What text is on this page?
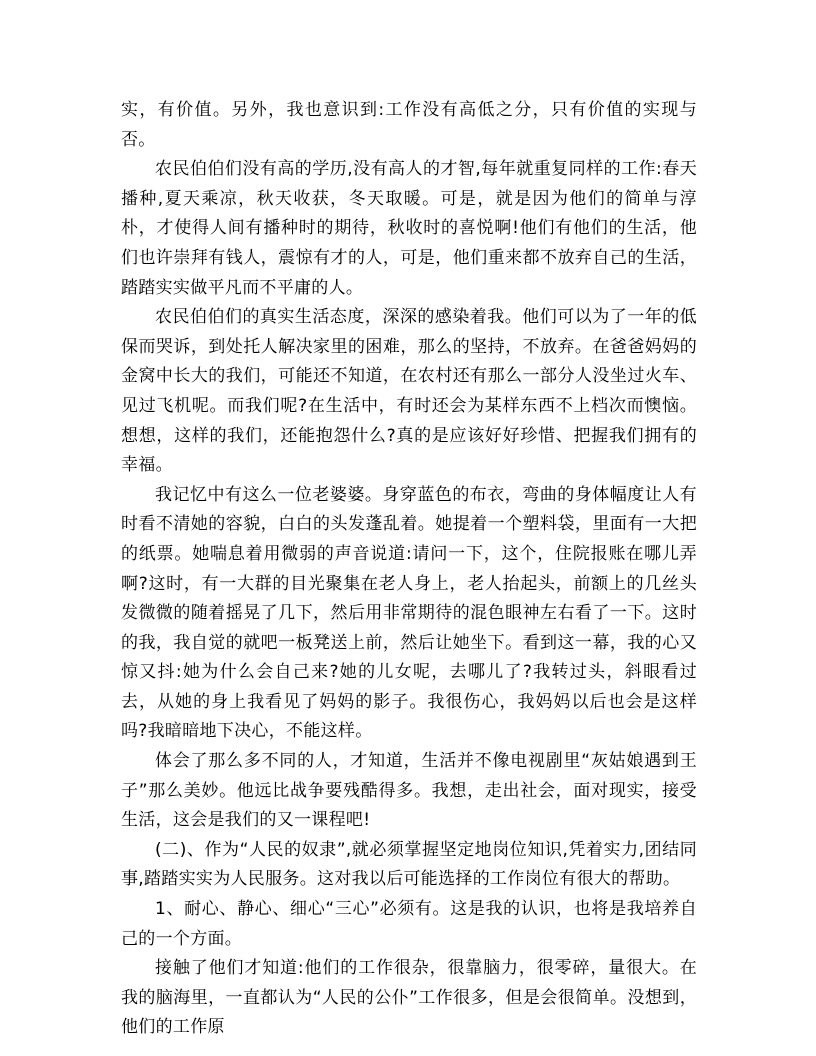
实，有价值。另外，我也意识到:工作没有高低之分，只有价值的实现与否。

农民伯伯们没有高的学历,没有高人的才智,每年就重复同样的工作:春天播种,夏天乘凉，秋天收获，冬天取暖。可是，就是因为他们的简单与淳朴，才使得人间有播种时的期待，秋收时的喜悦啊!他们有他们的生活，他们也许崇拜有钱人，震惊有才的人，可是，他们重来都不放弃自己的生活，踏踏实实做平凡而不平庸的人。

农民伯伯们的真实生活态度，深深的感染着我。他们可以为了一年的低保而哭诉，到处托人解决家里的困难，那么的坚持，不放弃。在爸爸妈妈的金窝中长大的我们，可能还不知道，在农村还有那么一部分人没坐过火车、见过飞机呢。而我们呢?在生活中，有时还会为某样东西不上档次而懊恼。想想，这样的我们，还能抱怨什么?真的是应该好好珍惜、把握我们拥有的幸福。

我记忆中有这么一位老婆婆。身穿蓝色的布衣，弯曲的身体幅度让人有时看不清她的容貌，白白的头发蓬乱着。她提着一个塑料袋，里面有一大把的纸票。她喘息着用微弱的声音说道:请问一下，这个，住院报账在哪儿弄啊?这时，有一大群的目光聚集在老人身上，老人抬起头，前额上的几丝头发微微的随着摇晃了几下，然后用非常期待的混色眼神左右看了一下。这时的我，我自觉的就吧一板凳送上前，然后让她坐下。看到这一幕，我的心又惊又抖:她为什么会自己来?她的儿女呢，去哪儿了?我转过头，斜眼看过去，从她的身上我看见了妈妈的影子。我很伤心，我妈妈以后也会是这样吗?我暗暗地下决心，不能这样。

体会了那么多不同的人，才知道，生活并不像电视剧里“灰姑娘遇到王子”那么美妙。他远比战争要残酷得多。我想，走出社会，面对现实，接受生活，这会是我们的又一课程吧!

(二)、作为“人民的奴隶”,就必须掌握坚定地岗位知识,凭着实力,团结同事,踏踏实实为人民服务。这对我以后可能选择的工作岗位有很大的帮助。

1、耐心、静心、细心“三心”必须有。这是我的认识，也将是我培养自己的一个方面。

接触了他们才知道:他们的工作很杂，很靠脑力，很零碎，量很大。在我的脑海里，一直都认为“人民的公仆”工作很多，但是会很简单。没想到，他们的工作原
